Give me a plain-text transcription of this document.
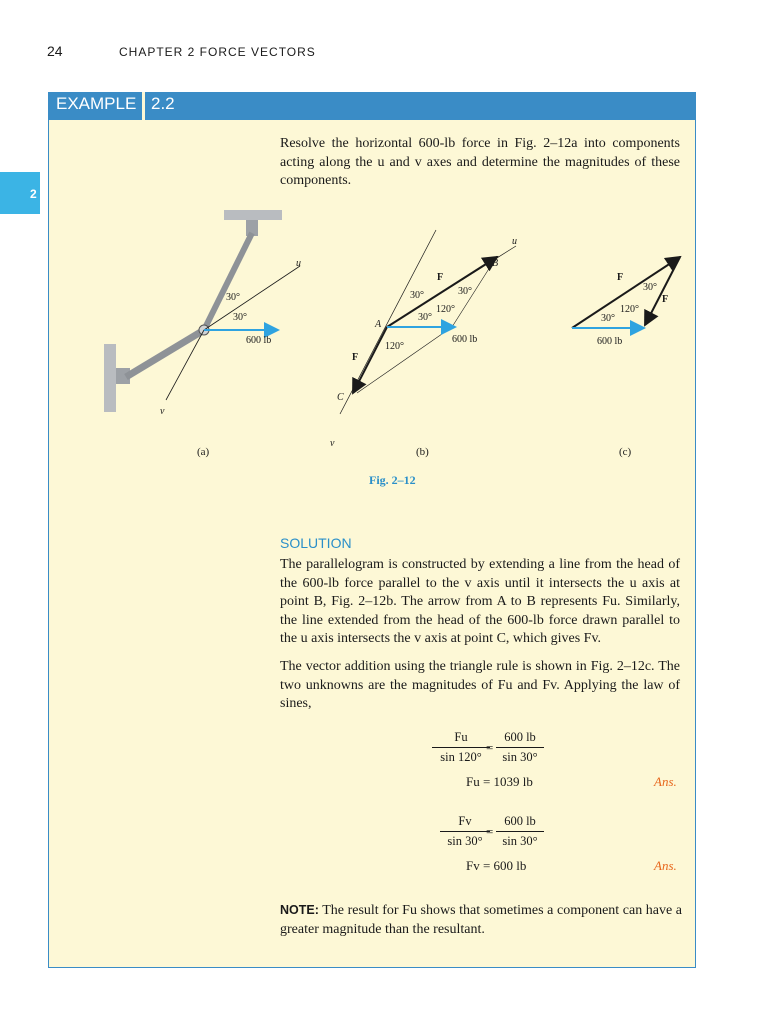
24	CHAPTER 2 FORCE VECTORS
2
EXAMPLE 2.2
Resolve the horizontal 600-lb force in Fig. 2–12a into components acting along the u and v axes and determine the magnitudes of these components.
u
v
30°
30°
600 lb
u
v
B
A
C
F
F
30°	30°
120°
30°
120°
600 lb
F
F
30°
120°
30°
600 lb
(a)	(b)	(c)
Fig. 2–12
SOLUTION
The parallelogram is constructed by extending a line from the head of the 600-lb force parallel to the v axis until it intersects the u axis at point B, Fig. 2–12b. The arrow from A to B represents Fu. Similarly, the line extended from the head of the 600-lb force drawn parallel to the u axis intersects the v axis at point C, which gives Fv.
The vector addition using the triangle rule is shown in Fig. 2–12c. The two unknowns are the magnitudes of Fu and Fv. Applying the law of sines,
$\frac{Fu}{\sin 120^\circ}$
= $\frac{600 lb}{\sin 30^\circ}$
Fu = 1039 lb	Ans.
$\frac{Fv}{\sin 30^\circ}$
= $\frac{600 lb}{\sin 30^\circ}$
Fv = 600 lb	Ans.
NOTE: The result for Fu shows that sometimes a component can have a greater magnitude than the resultant.
